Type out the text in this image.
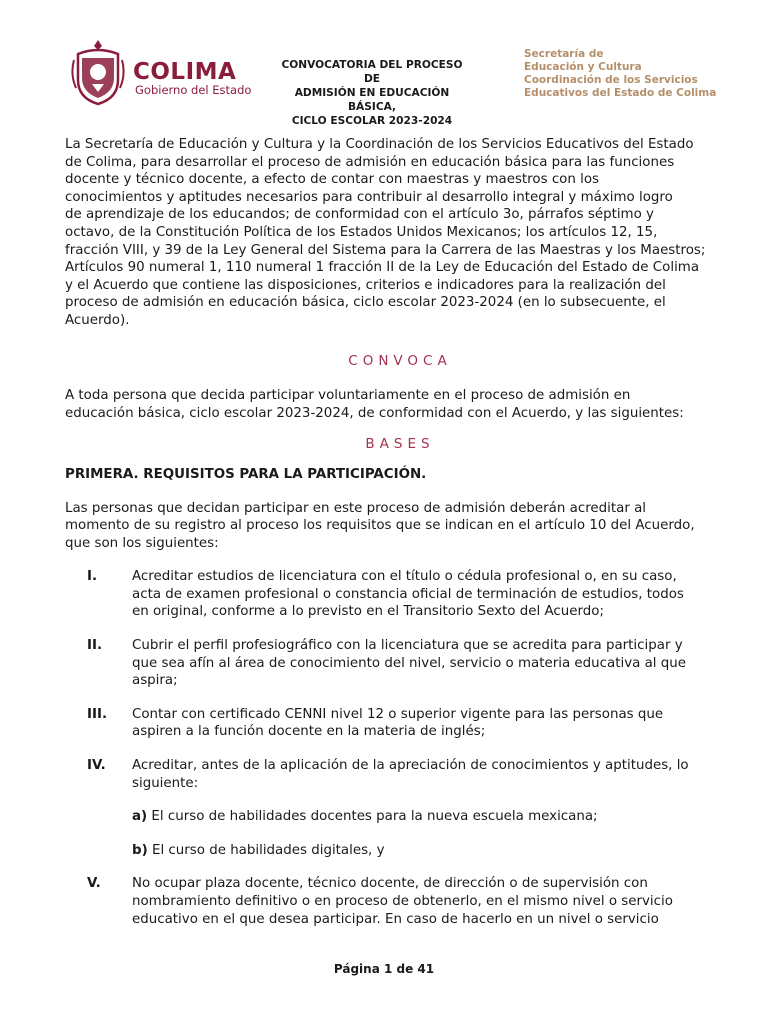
COLIMA
Gobierno del Estado
CONVOCATORIA DEL PROCESO DE
ADMISIÓN EN EDUCACIÓN BÁSICA,
CICLO ESCOLAR 2023-2024
Secretaría de
Educación y Cultura
Coordinación de los Servicios
Educativos del Estado de Colima
La Secretaría de Educación y Cultura y la Coordinación de los Servicios Educativos del Estado
de Colima, para desarrollar el proceso de admisión en educación básica para las funciones
docente y técnico docente, a efecto de contar con maestras y maestros con los
conocimientos y aptitudes necesarios para contribuir al desarrollo integral y máximo logro
de aprendizaje de los educandos; de conformidad con el artículo 3o, párrafos séptimo y
octavo, de la Constitución Política de los Estados Unidos Mexicanos; los artículos 12, 15,
fracción VIII, y 39 de la Ley General del Sistema para la Carrera de las Maestras y los Maestros;
Artículos 90 numeral 1, 110 numeral 1 fracción II de la Ley de Educación del Estado de Colima
y el Acuerdo que contiene las disposiciones, criterios e indicadores para la realización del
proceso de admisión en educación básica, ciclo escolar 2023-2024 (en lo subsecuente, el
Acuerdo).
CONVOCA
A toda persona que decida participar voluntariamente en el proceso de admisión en
educación básica, ciclo escolar 2023-2024, de conformidad con el Acuerdo, y las siguientes:
BASES
PRIMERA. REQUISITOS PARA LA PARTICIPACIÓN.
Las personas que decidan participar en este proceso de admisión deberán acreditar al
momento de su registro al proceso los requisitos que se indican en el artículo 10 del Acuerdo,
que son los siguientes:
I.	Acreditar estudios de licenciatura con el título o cédula profesional o, en su caso,
acta de examen profesional o constancia oficial de terminación de estudios, todos
en original, conforme a lo previsto en el Transitorio Sexto del Acuerdo;
II.	Cubrir el perfil profesiográfico con la licenciatura que se acredita para participar y
que sea afín al área de conocimiento del nivel, servicio o materia educativa al que
aspira;
III.	Contar con certificado CENNI nivel 12 o superior vigente para las personas que
aspiren a la función docente en la materia de inglés;
IV.	Acreditar, antes de la aplicación de la apreciación de conocimientos y aptitudes, lo
siguiente:
a) El curso de habilidades docentes para la nueva escuela mexicana;
b) El curso de habilidades digitales, y
V.	No ocupar plaza docente, técnico docente, de dirección o de supervisión con
nombramiento definitivo o en proceso de obtenerlo, en el mismo nivel o servicio
educativo en el que desea participar. En caso de hacerlo en un nivel o servicio
Página 1 de 41
